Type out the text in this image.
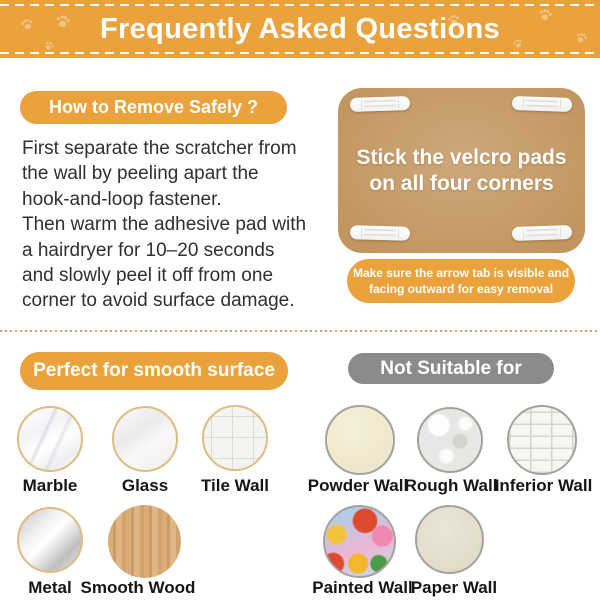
Frequently Asked Questions
How to Remove Safely ?
First separate the scratcher from
the wall by peeling apart the
hook-and-loop fastener.
Then warm the adhesive pad with
a hairdryer for 10–20 seconds
and slowly peel it off from one
corner to avoid surface damage.
Stick the velcro pads
on all four corners
Make sure the arrow tab is visible and
facing outward for easy removal
Perfect for smooth surface	Not Suitable for
Marble	Glass	Tile Wall	Powder Wall
Rough Wall
Inferior Wall
Metal Smooth Wood	Painted Wall
Paper Wall
